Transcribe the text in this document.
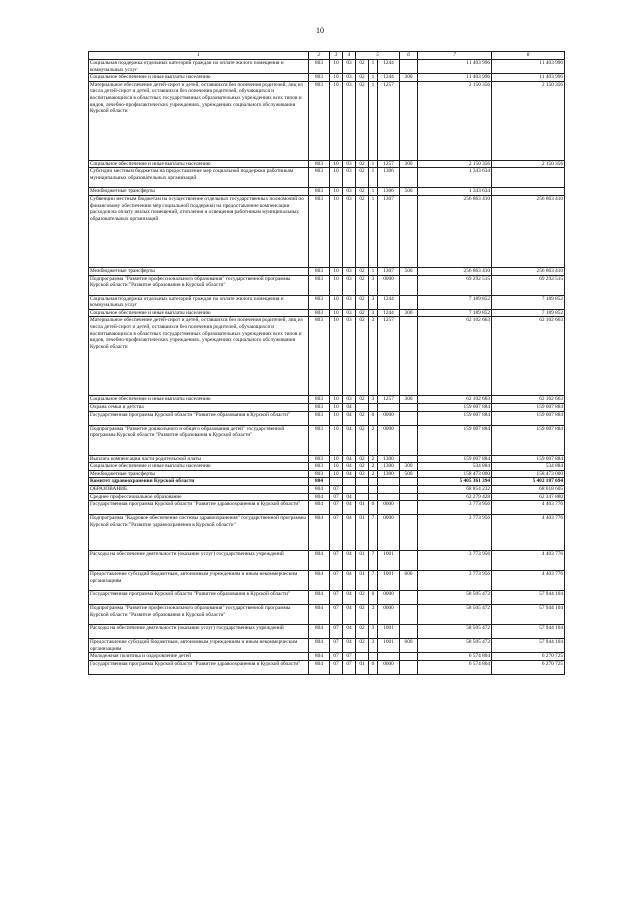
10
1	2	3	4	5			6	7	8
Социальная поддержка отдельных категорий граждан по оплате жилого помещения и коммунальных услуг	803	10	03	02	1	1244		11 403 996	11 403 996
Социальное обеспечение и иные выплаты населению	803	10	03	02	1	1244	300	11 403 996	11 403 996
Материальное обеспечение детей-сирот и детей, оставшихся без попечения родителей, лиц из числа детей-сирот и детей, оставшихся без попечения родителей, обучающихся и воспитывающихся в областных государственных образовательных учреждениях всех типов и видов, лечебно-профилактических учреждениях, учреждениях социального обслуживания Курской области	803	10	03	02	1	1257		2 150 356	2 150 356
Социальное обеспечение и иные выплаты населению	803	10	03	02	1	1257	300	2 150 356	2 150 356
Субсидии местным бюджетам на предоставление мер социальной поддержки работникам муниципальных образовательных организаций	803	10	03	02	1	1306		1 343 634	
Межбюджетные трансферты	803	10	03	02	1	1306	500	1 343 634	
Субвенции местным бюджетам на осуществление отдельных государственных полномочий по финансовому обеспечению мер социальной поддержки на предоставление компенсации расходов на оплату жилых помещений, отопления и освещения работникам муниципальных образовательных организаций	803	10	03	02	1	1307		256 863 410	256 863 410
Межбюджетные трансферты	803	10	03	02	1	1307	500	256 863 410	256 863 410
Подпрограмма "Развитие профессионального образования" государственной программы Курской области "Развитие образования в Курской области"	803	10	03	02	3	0000		69 292 515	69 292 515
Социальная поддержка отдельных категорий граждан по оплате жилого помещения и коммунальных услуг	803	10	03	02	3	1244		7 189 852	7 189 852
Социальное обеспечение и иные выплаты населению	803	10	03	02	3	1244	300	7 189 852	7 189 852
Материальное обеспечение детей-сирот и детей, оставшихся без попечения родителей, лиц из числа детей-сирот и детей, оставшихся без попечения родителей, обучающихся и воспитывающихся в областных государственных образовательных учреждениях всех типов и видов, лечебно-профилактических учреждениях, учреждениях социального обслуживания Курской области	803	10	03	02	3	1257		62 102 663	62 102 663
Социальное обеспечение и иные выплаты населению	803	10	03	02	3	1257	300	62 102 663	62 102 663
Охрана семьи и детства	803	10	04					159 007 884	159 007 884
Государственная программа Курской области "Развитие образования в Курской области"	803	10	04	02	0	0000		159 007 884	159 007 884
Подпрограмма "Развитие дошкольного и общего образования детей" государственной программы Курской области "Развитие образования в Курской области"	803	10	04	02	2	0000		159 007 884	159 007 884
Выплата компенсации части родительской платы	803	10	04	02	2	1300		159 007 884	159 007 884
Социальное обеспечение и иные выплаты населению	803	10	04	02	2	1300	300	534 884	534 884
Межбюджетные трансферты	803	10	04	02	2	1300	500	158 473 000	158 473 000
Комитет здравоохранения Курской области	804							5 405 361 394	5 402 187 694
ОБРАЗОВАНИЕ	804	07						68 854 232	68 618 605
Среднее профессиональное образование	804	07	04					62 279 428	62 347 880
Государственная программа Курской области "Развитие здравоохранения в Курской области"	804	07	04	01	0	0000		3 773 956	4 403 776
Подпрограмма "Кадровое обеспечение системы здравоохранения" государственной программы Курской области "Развитие здравоохранения в Курской области"	804	07	04	01	7	0000		3 773 956	4 403 776
Расходы на обеспечение деятельности (оказание услуг) государственных учреждений	804	07	04	01	7	1001		3 773 956	4 403 776
Предоставление субсидий бюджетным, автономным учреждениям и иным некоммерческим организациям	804	07	04	01	7	1001	600	3 773 956	4 403 776
Государственная программа Курской области "Развитие образования в Курской области"	804	07	04	02	0	0000		58 505 472	57 944 104
Подпрограмма "Развитие профессионального образования" государственной программы Курской области "Развитие образования в Курской области"	804	07	04	02	3	0000		58 505 472	57 944 104
Расходы на обеспечение деятельности (оказание услуг) государственных учреждений	804	07	04	02	3	1001		58 505 472	57 944 104
Предоставление субсидий бюджетным, автономным учреждениям и иным некоммерческим организациям	804	07	04	02	3	1001	600	58 505 472	57 944 104
Молодежная политика и оздоровление детей	804	07	07					6 574 804	6 270 725
Государственная программа Курской области "Развитие здравоохранения в Курской области"	804	07	07	01	0	0000		6 574 804	6 270 725
